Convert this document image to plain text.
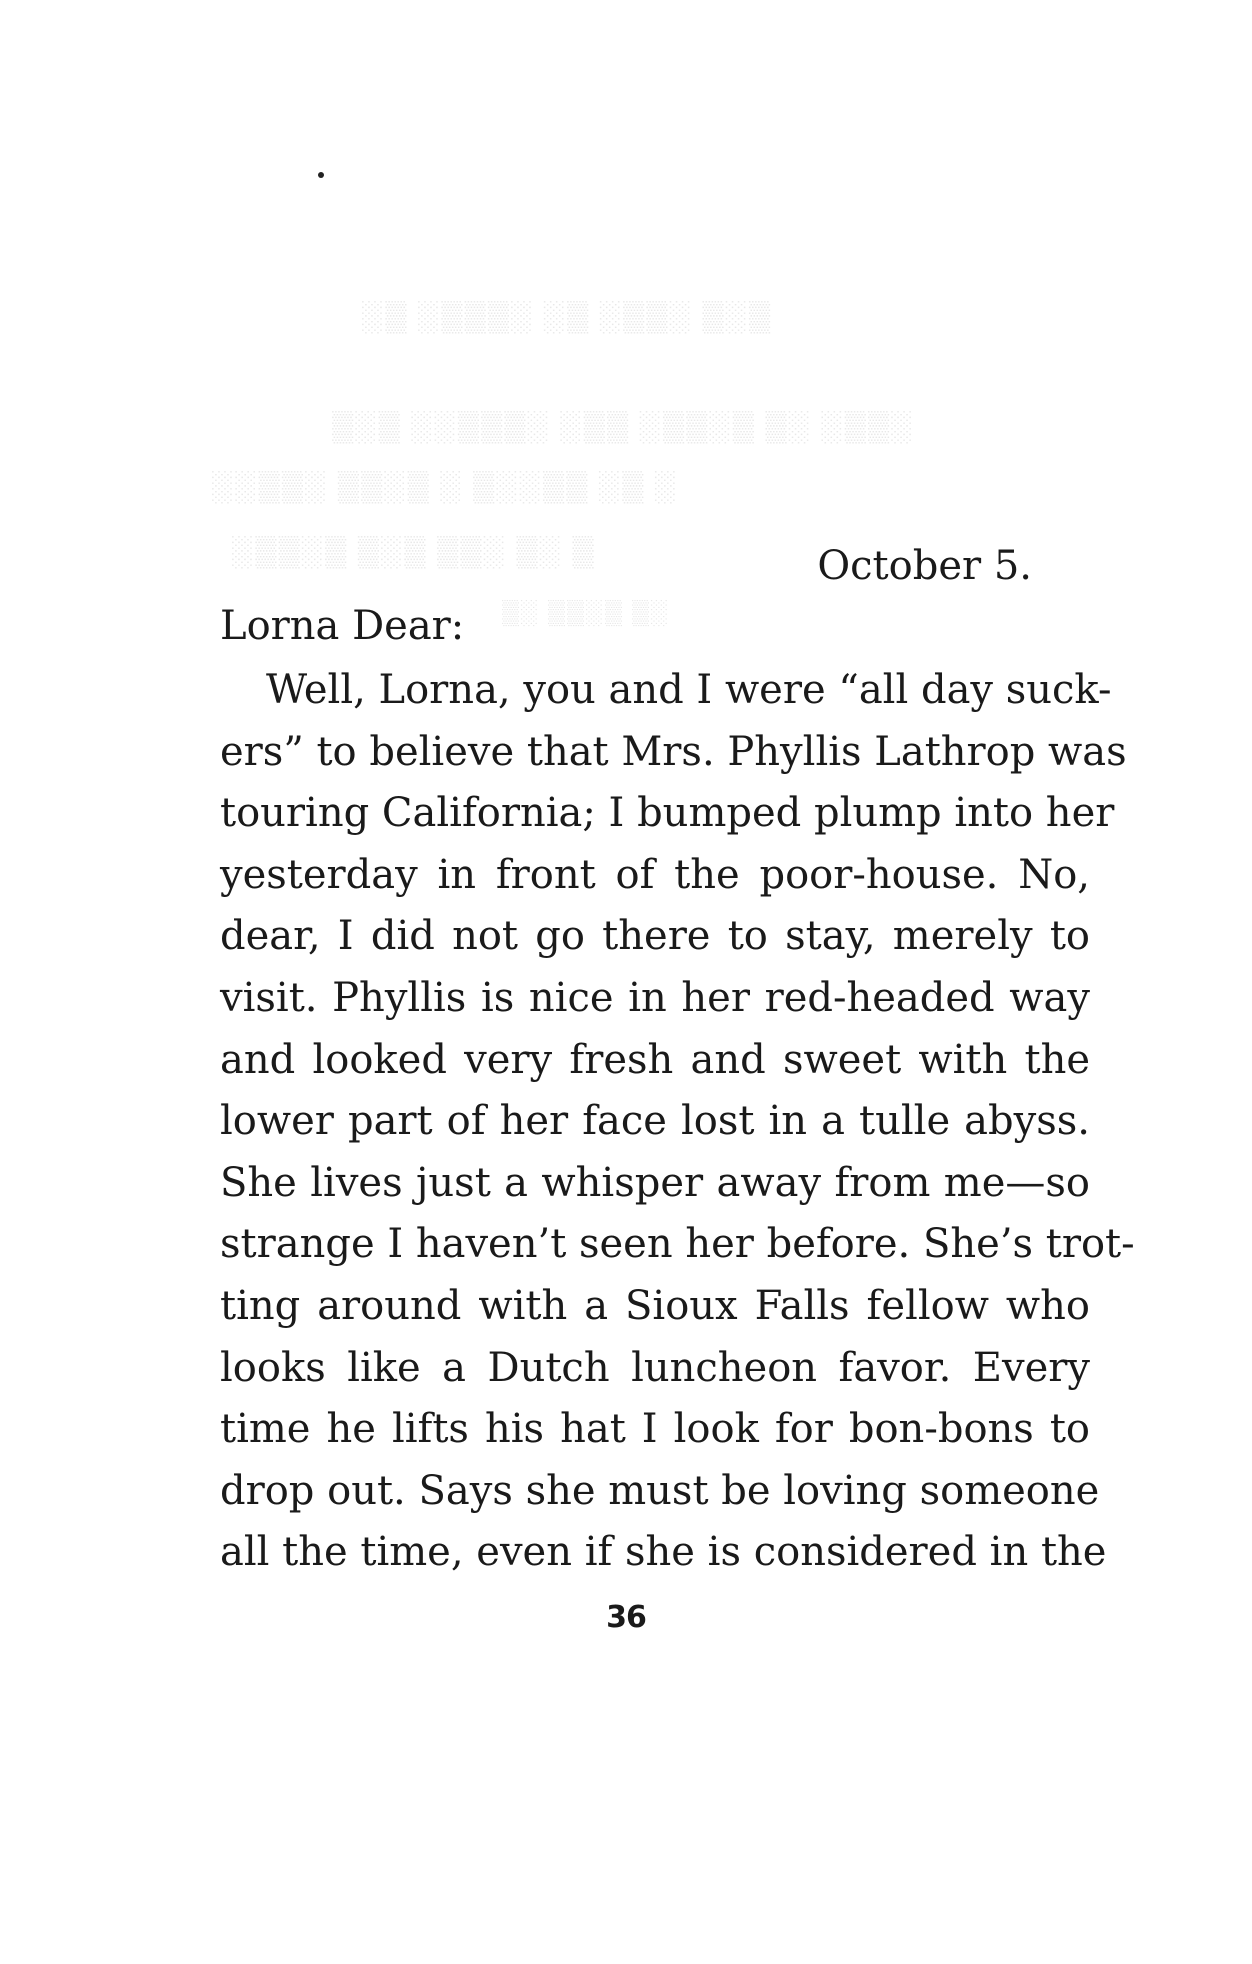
▒░▒ ░▒▒░ ▒░ ░▒▒▒░ ▒░
░▒▒░ ░▒ ▒░▒▒░ ▒▒░ ░▒▒▒░░ ▒░▒
░ ▒░ ▒▒░░▒ ░ ▒░▒▒ ░▒▒░░
▒ ░▒ ░▒▒ ▒░▒ ▒░▒▒░
░▒ ▒░▒▒ ░▒
October 5.
Lorna Dear:
Well, Lorna, you and I were “all day suck-
ers” to believe that Mrs. Phyllis Lathrop was
touring California; I bumped plump into her
yesterday in front of the poor-house. No,
dear, I did not go there to stay, merely to
visit. Phyllis is nice in her red-headed way
and looked very fresh and sweet with the
lower part of her face lost in a tulle abyss.
She lives just a whisper away from me—so
strange I haven’t seen her before. She’s trot-
ting around with a Sioux Falls fellow who
looks like a Dutch luncheon favor. Every
time he lifts his hat I look for bon-bons to
drop out. Says she must be loving someone
all the time, even if she is considered in the
36
